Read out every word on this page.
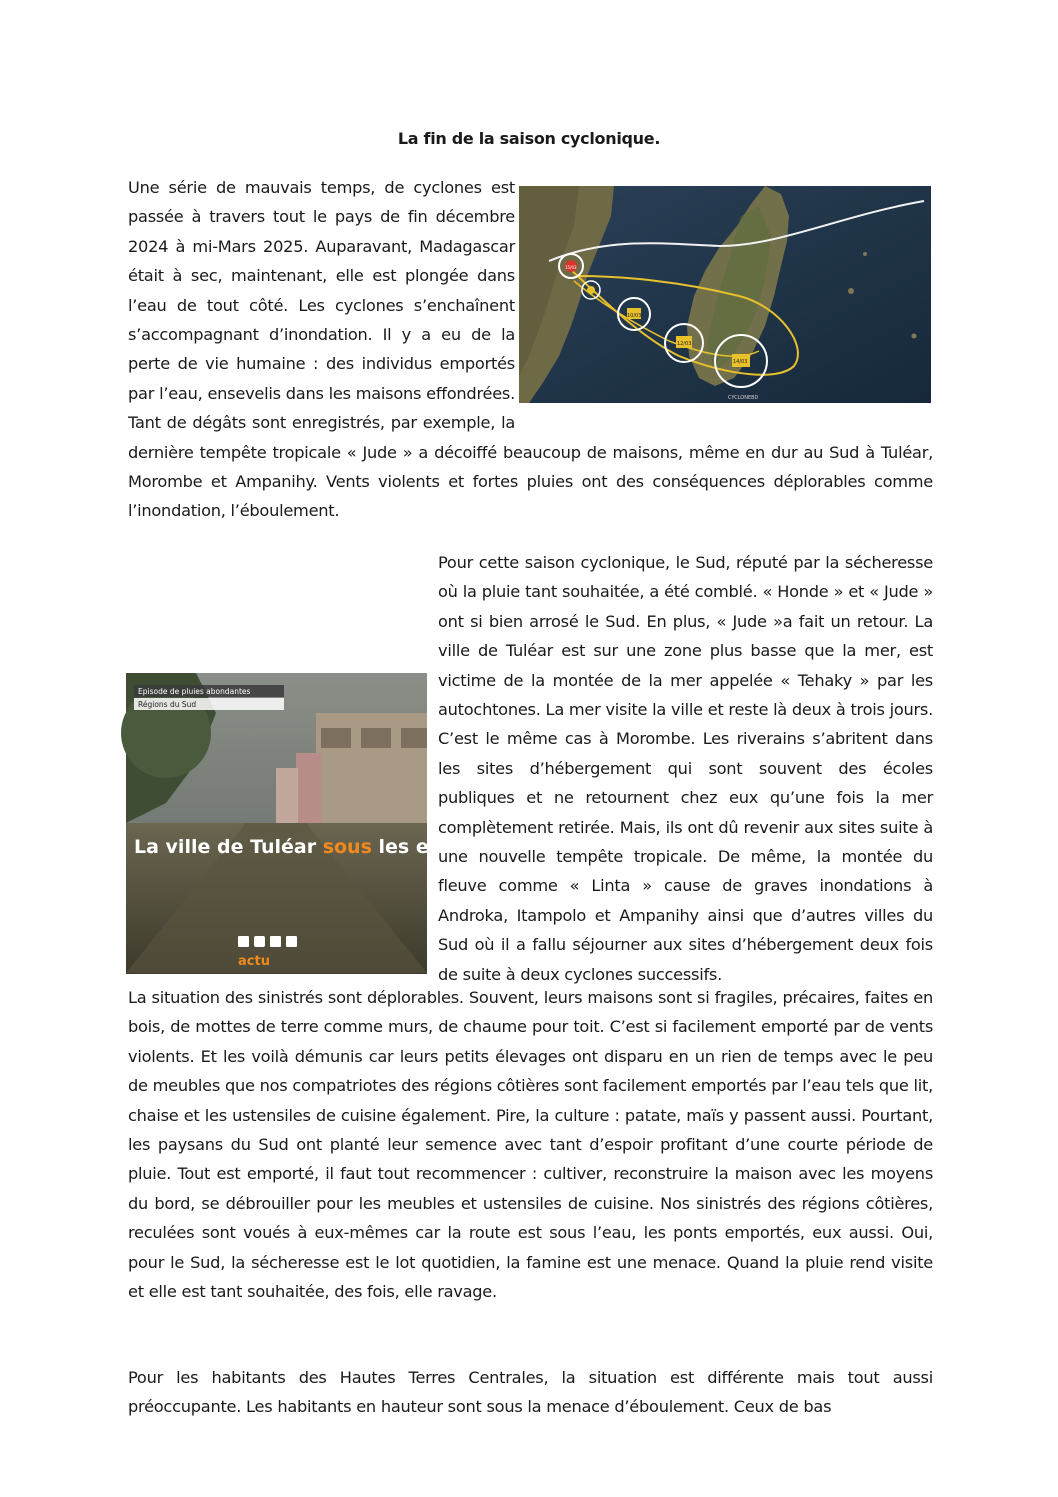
La fin de la saison cyclonique.
10/03
12/03
14/03
15/03
CYCLONEBD
Episode de pluies abondantes
Régions du Sud
La ville de Tuléar sous les eaux
actu

Une série de mauvais temps, de cyclones est passée à travers tout le pays de fin décembre 2024 à mi-Mars 2025. Auparavant, Madagascar était à sec, maintenant, elle est plongée dans l’eau de tout côté. Les cyclones s’enchaînent s’accompagnant d’inondation. Il y a eu de la perte de vie humaine : des individus emportés par l’eau, ensevelis dans les maisons effondrées. Tant de dégâts sont enregistrés, par exemple, la dernière tempête tropicale « Jude » a décoiffé beaucoup de maisons, même en dur au Sud à Tuléar, Morombe et Ampanihy. Vents violents et fortes pluies ont des conséquences déplorables comme l’inondation, l’éboulement.

Pour cette saison cyclonique, le Sud, réputé par la sécheresse où la pluie tant souhaitée, a été comblé. « Honde » et « Jude » ont si bien arrosé le Sud. En plus, « Jude »a fait un retour. La ville de Tuléar est sur une zone plus basse que la mer, est victime de la montée de la mer appelée « Tehaky » par les autochtones. La mer visite la ville et reste là deux à trois jours. C’est le même cas à Morombe. Les riverains s’abritent dans les sites d’hébergement qui sont souvent des écoles publiques et ne retournent chez eux qu’une fois la mer complètement retirée. Mais, ils ont dû revenir aux sites suite à une nouvelle tempête tropicale. De même, la montée du fleuve comme « Linta » cause de graves inondations à Androka, Itampolo et Ampanihy ainsi que d’autres villes du Sud où il a fallu séjourner aux sites d’hébergement deux fois de suite à deux cyclones successifs.

La situation des sinistrés sont déplorables. Souvent, leurs maisons sont si fragiles, précaires, faites en bois, de mottes de terre comme murs, de chaume pour toit. C’est si facilement emporté par de vents violents. Et les voilà démunis car leurs petits élevages ont disparu en un rien de temps avec le peu de meubles que nos compatriotes des régions côtières sont facilement emportés par l’eau tels que lit, chaise et les ustensiles de cuisine également. Pire, la culture : patate, maïs y passent aussi. Pourtant, les paysans du Sud ont planté leur semence avec tant d’espoir profitant d’une courte période de pluie. Tout est emporté, il faut tout recommencer : cultiver, reconstruire la maison avec les moyens du bord, se débrouiller pour les meubles et ustensiles de cuisine. Nos sinistrés des régions côtières, reculées sont voués à eux-mêmes car la route est sous l’eau, les ponts emportés, eux aussi. Oui, pour le Sud, la sécheresse est le lot quotidien, la famine est une menace. Quand la pluie rend visite et elle est tant souhaitée, des fois, elle ravage.

Pour les habitants des Hautes Terres Centrales, la situation est différente mais tout aussi préoccupante. Les habitants en hauteur sont sous la menace d’éboulement. Ceux de bas
